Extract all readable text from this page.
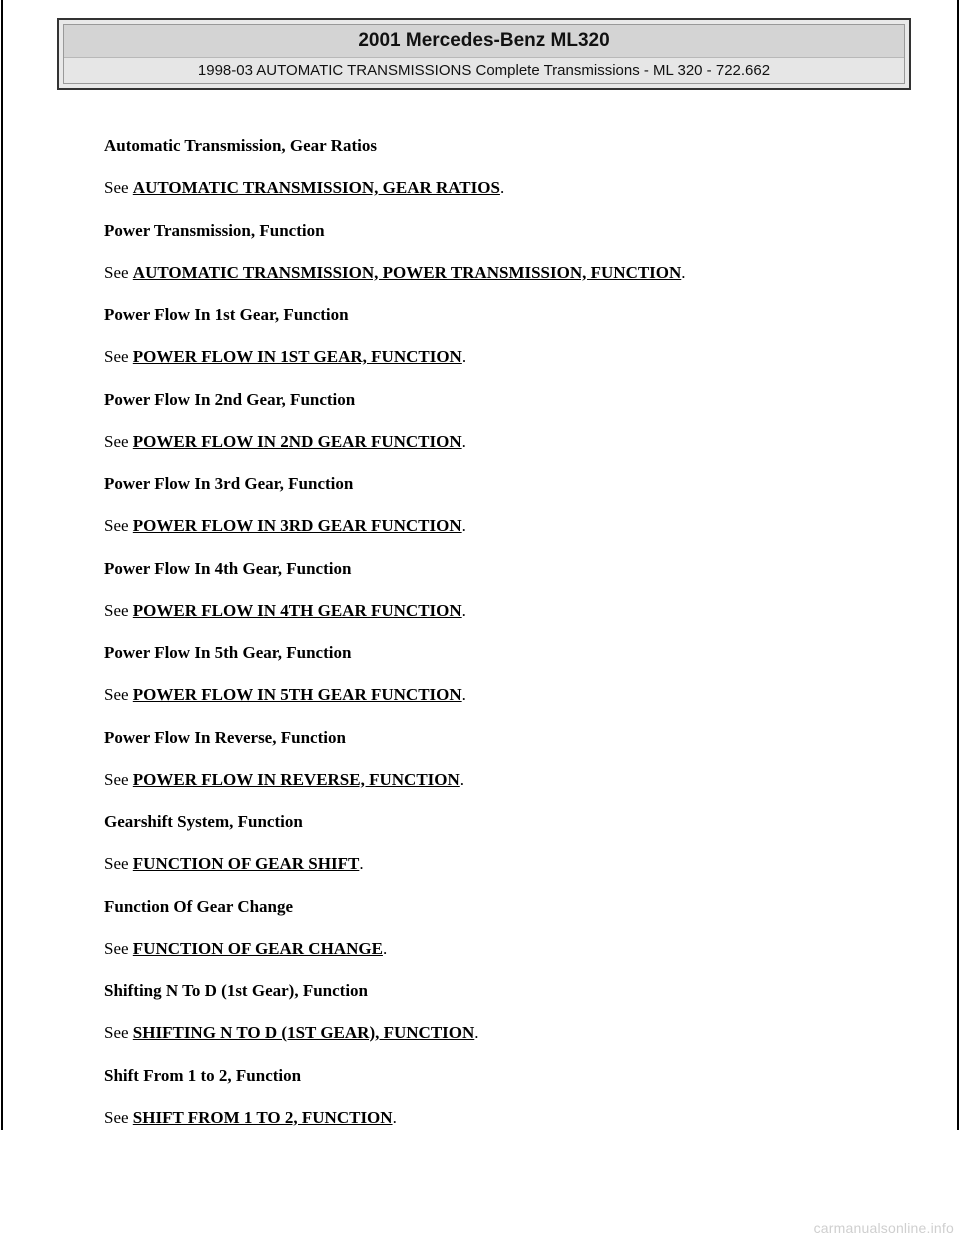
2001 Mercedes-Benz ML320
1998-03 AUTOMATIC TRANSMISSIONS Complete Transmissions - ML 320 - 722.662
Automatic Transmission, Gear Ratios
See AUTOMATIC TRANSMISSION, GEAR RATIOS.
Power Transmission, Function
See AUTOMATIC TRANSMISSION, POWER TRANSMISSION, FUNCTION.
Power Flow In 1st Gear, Function
See POWER FLOW IN 1ST GEAR, FUNCTION.
Power Flow In 2nd Gear, Function
See POWER FLOW IN 2ND GEAR FUNCTION.
Power Flow In 3rd Gear, Function
See POWER FLOW IN 3RD GEAR FUNCTION.
Power Flow In 4th Gear, Function
See POWER FLOW IN 4TH GEAR FUNCTION.
Power Flow In 5th Gear, Function
See POWER FLOW IN 5TH GEAR FUNCTION.
Power Flow In Reverse, Function
See POWER FLOW IN REVERSE, FUNCTION.
Gearshift System, Function
See FUNCTION OF GEAR SHIFT.
Function Of Gear Change
See FUNCTION OF GEAR CHANGE.
Shifting N To D (1st Gear), Function
See SHIFTING N TO D (1ST GEAR), FUNCTION.
Shift From 1 to 2, Function
See SHIFT FROM 1 TO 2, FUNCTION.
carmanualsonline.info
